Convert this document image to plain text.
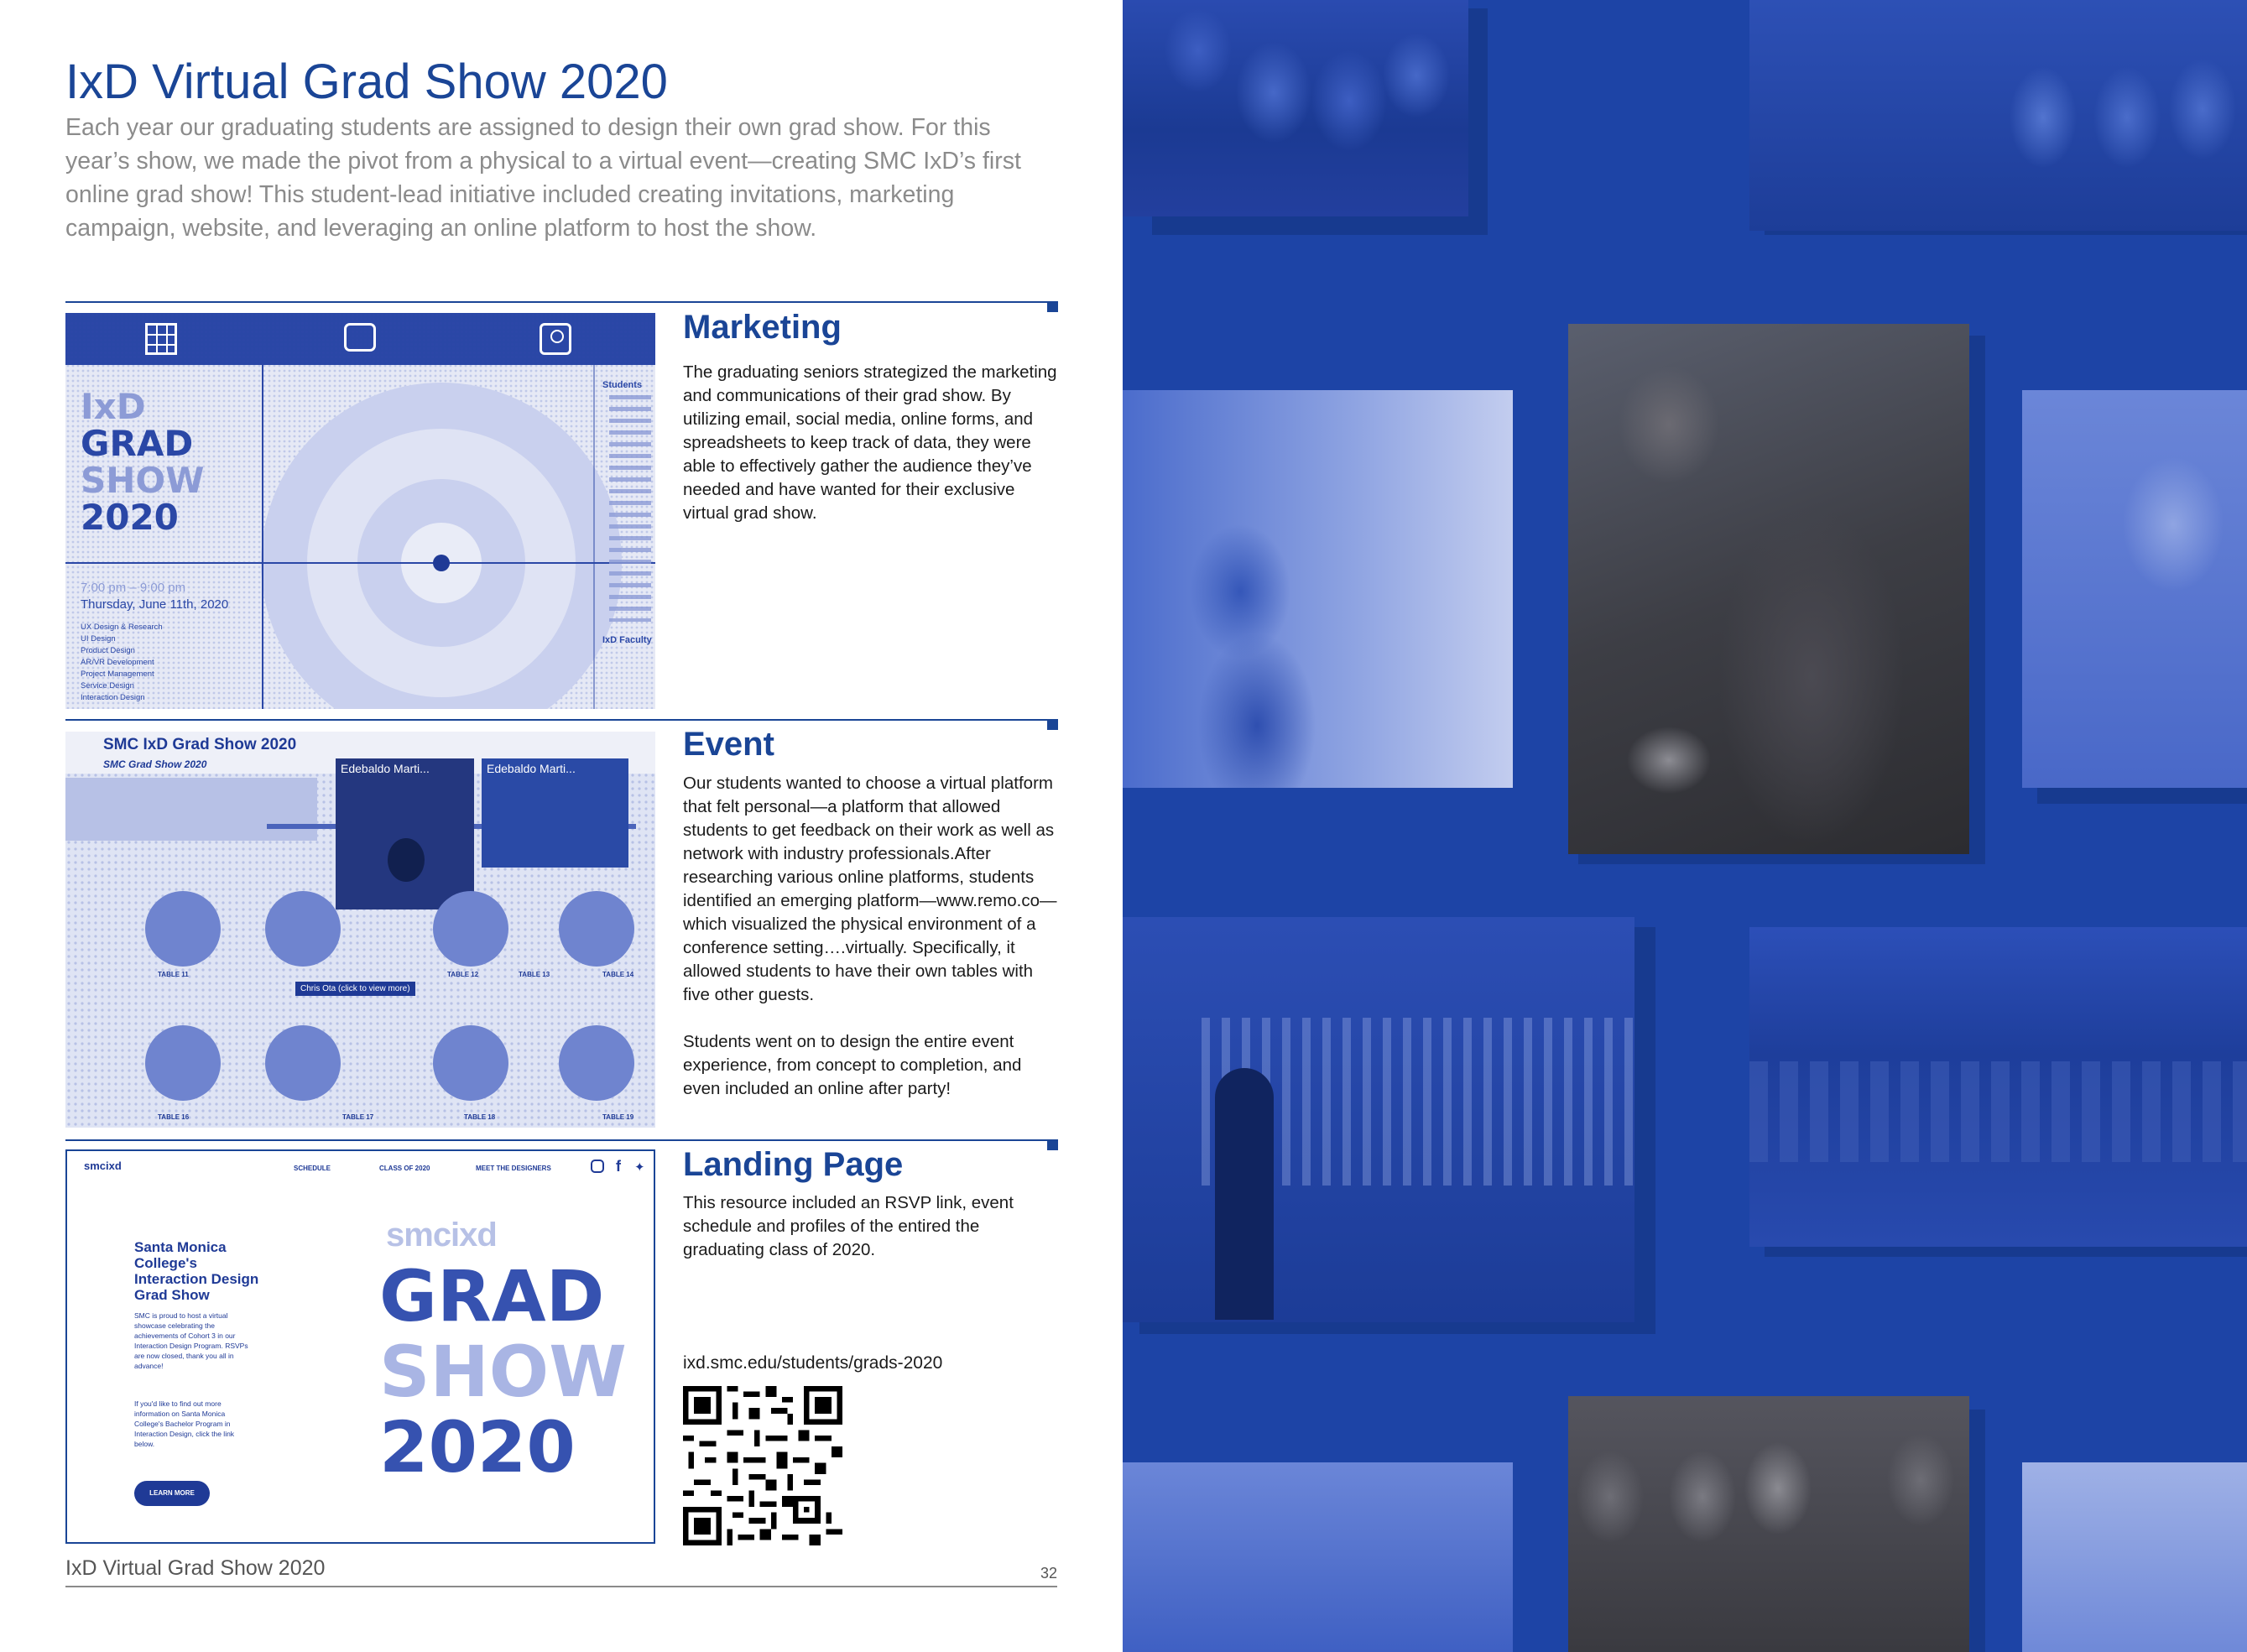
IxD Virtual Grad Show 2020
Each year our graduating students are assigned to design their own grad show. For this year’s show, we made the pivot from a physical to a virtual event—creating SMC IxD’s first online grad show! This student-lead initiative included creating invitations, marketing campaign, website, and leveraging an online platform to host the show.
IxD
GRAD
SHOW
2020
7:00 pm – 9:00 pm
Thursday, June 11th, 2020
UX Design & Research
UI Design
Product Design
AR/VR Development
Project Management
Service Design
Interaction Design
Students
IxD Faculty
SMC IxD Grad Show 2020
SMC Grad Show 2020	Edebaldo Marti...	Edebaldo Marti...
Chris Ota (click to view more)
TABLE 11	TABLE 12	TABLE 13	TABLE 14
TABLE 16	TABLE 17	TABLE 18	TABLE 19
smcixd	SCHEDULE	CLASS OF 2020	MEET THE DESIGNERS	f ✦
Santa Monica College's Interaction Design Grad Show
SMC is proud to host a virtual showcase celebrating the achievements of Cohort 3 in our Interaction Design Program. RSVPs are now closed, thank you all in advance!
If you'd like to find out more information on Santa Monica College's Bachelor Program in Interaction Design, click the link below.
LEARN MORE
smcixd
GRAD
SHOW
2020
Marketing
The graduating seniors strategized the marketing and communications of their grad show. By utilizing email, social media, online forms, and spreadsheets to keep track of data, they were able to effectively gather the audience they’ve needed and have wanted for their exclusive virtual grad show.
Event
Our students wanted to choose a virtual platform that felt personal—a platform that allowed students to get feedback on their work as well as network with industry professionals.After researching various online platforms, students identified an emerging platform—www.remo.co—which visualized the physical environment of a conference setting….virtually. Specifically, it allowed students to have their own tables with five other guests.

Students went on to design the entire event experience, from concept to completion, and even included an online after party!
Landing Page
This resource included an RSVP link, event schedule and profiles of the entired the graduating class of 2020.
ixd.smc.edu/students/grads-2020
IxD Virtual Grad Show 2020	32
